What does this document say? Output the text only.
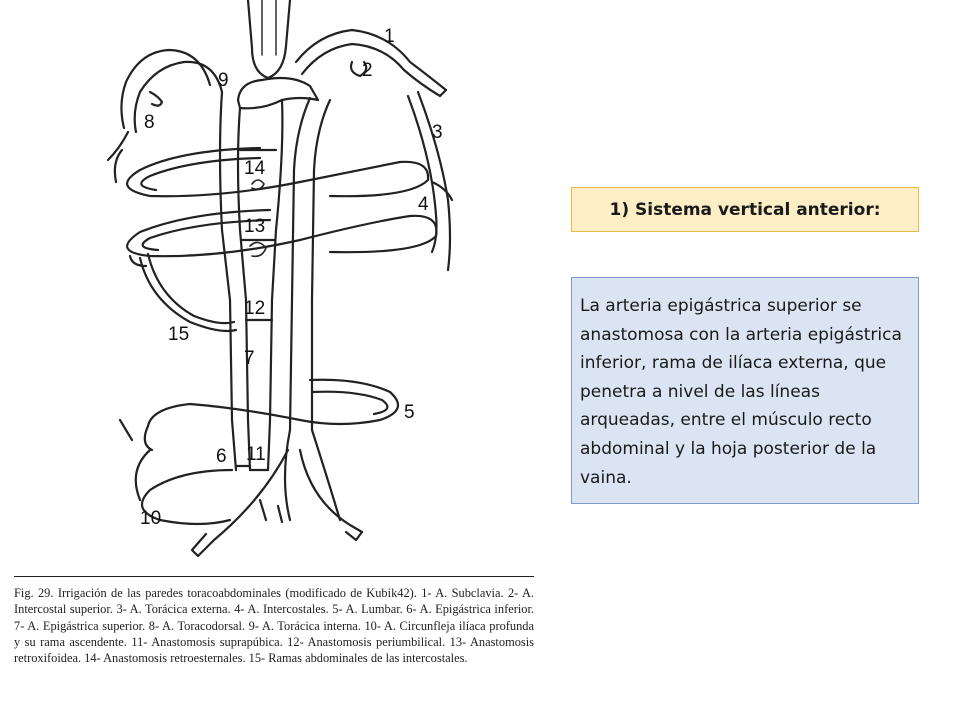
1
2
3
4
5
6
7
8
9
10
11
12
13
14
15
Fig. 29. Irrigación de las paredes toracoabdominales (modificado de Kubik42). 1- A. Subclavia. 2- A. Intercostal superior. 3- A. Torácica externa. 4- A. Intercostales. 5- A. Lumbar. 6- A. Epigástrica inferior. 7- A. Epigástrica superior. 8- A. Toracodorsal. 9- A. Torácica interna. 10- A. Circunfleja ilíaca profunda y su rama ascendente. 11- Anastomosis suprapúbica. 12- Anastomosis periumbilical. 13- Anastomosis retroxifoidea. 14- Anastomosis retroesternales. 15- Ramas abdominales de las intercostales.
1) Sistema vertical anterior:

La arteria epigástrica superior se anastomosa con la arteria epigástrica inferior, rama de ilíaca externa, que penetra a nivel de las líneas arqueadas, entre el músculo recto abdominal y la hoja posterior de la vaina.
